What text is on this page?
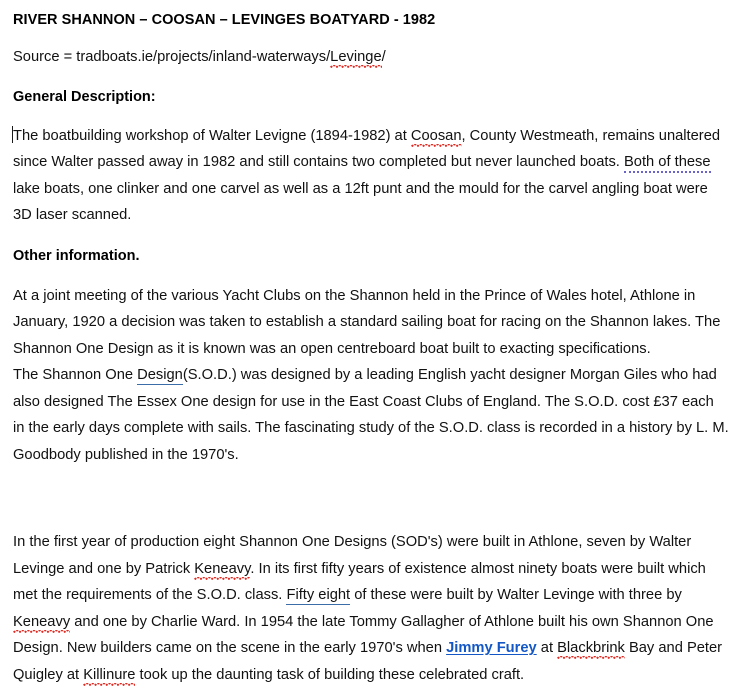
RIVER SHANNON – COOSAN – LEVINGES BOATYARD - 1982

Source = tradboats.ie/projects/inland-waterways/Levinge/

General Description:

The boatbuilding workshop of Walter Levigne (1894-1982) at Coosan, County Westmeath, remains unaltered since Walter passed away in 1982 and still contains two completed but never launched boats. Both of these lake boats, one clinker and one carvel as well as a 12ft punt and the mould for the carvel angling boat were 3D laser scanned.

Other information.

At a joint meeting of the various Yacht Clubs on the Shannon held in the Prince of Wales hotel, Athlone in January, 1920 a decision was taken to establish a standard sailing boat for racing on the Shannon lakes. The Shannon One Design as it is known was an open centreboard boat built to exacting specifications.

The Shannon One Design(S.O.D.) was designed by a leading English yacht designer Morgan Giles who had also designed The Essex One design for use in the East Coast Clubs of England. The S.O.D. cost £37 each in the early days complete with sails. The fascinating study of the S.O.D. class is recorded in a history by L. M. Goodbody published in the 1970's.

In the first year of production eight Shannon One Designs (SOD's) were built in Athlone, seven by Walter Levinge and one by Patrick Keneavy. In its first fifty years of existence almost ninety boats were built which met the requirements of the S.O.D. class. Fifty eight of these were built by Walter Levinge with three by Keneavy and one by Charlie Ward. In 1954 the late Tommy Gallagher of Athlone built his own Shannon One Design. New builders came on the scene in the early 1970's when Jimmy Furey at Blackbrink Bay and Peter Quigley at Killinure took up the daunting task of building these celebrated craft.
